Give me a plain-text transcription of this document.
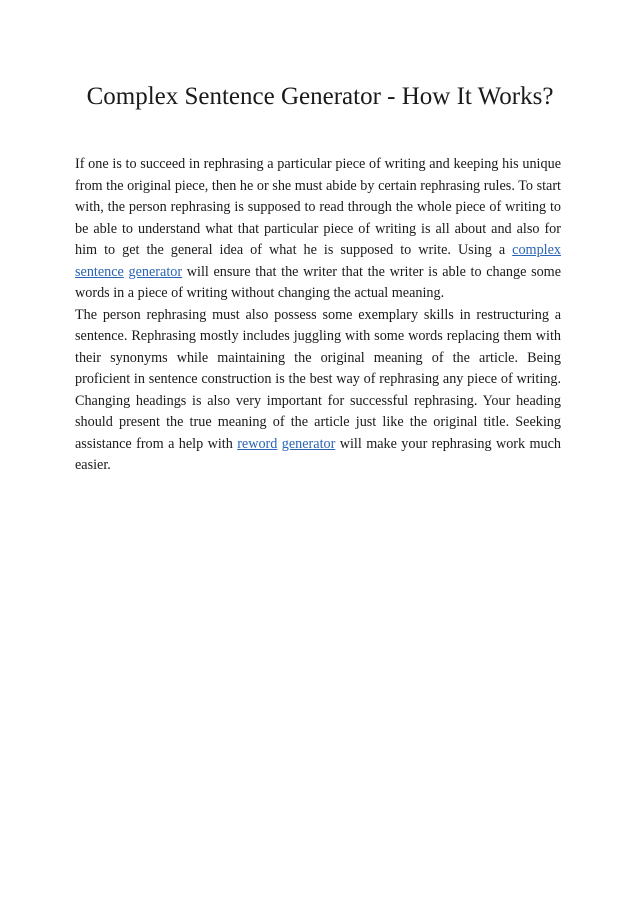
Complex Sentence Generator - How It Works?

If one is to succeed in rephrasing a particular piece of writing and keeping his unique from the original piece, then he or she must abide by certain rephrasing rules. To start with, the person rephrasing is supposed to read through the whole piece of writing to be able to understand what that particular piece of writing is all about and also for him to get the general idea of what he is supposed to write. Using a complex sentence generator will ensure that the writer that the writer is able to change some words in a piece of writing without changing the actual meaning.

The person rephrasing must also possess some exemplary skills in restructuring a sentence. Rephrasing mostly includes juggling with some words replacing them with their synonyms while maintaining the original meaning of the article. Being proficient in sentence construction is the best way of rephrasing any piece of writing. Changing headings is also very important for successful rephrasing. Your heading should present the true meaning of the article just like the original title. Seeking assistance from a help with reword generator will make your rephrasing work much easier.
